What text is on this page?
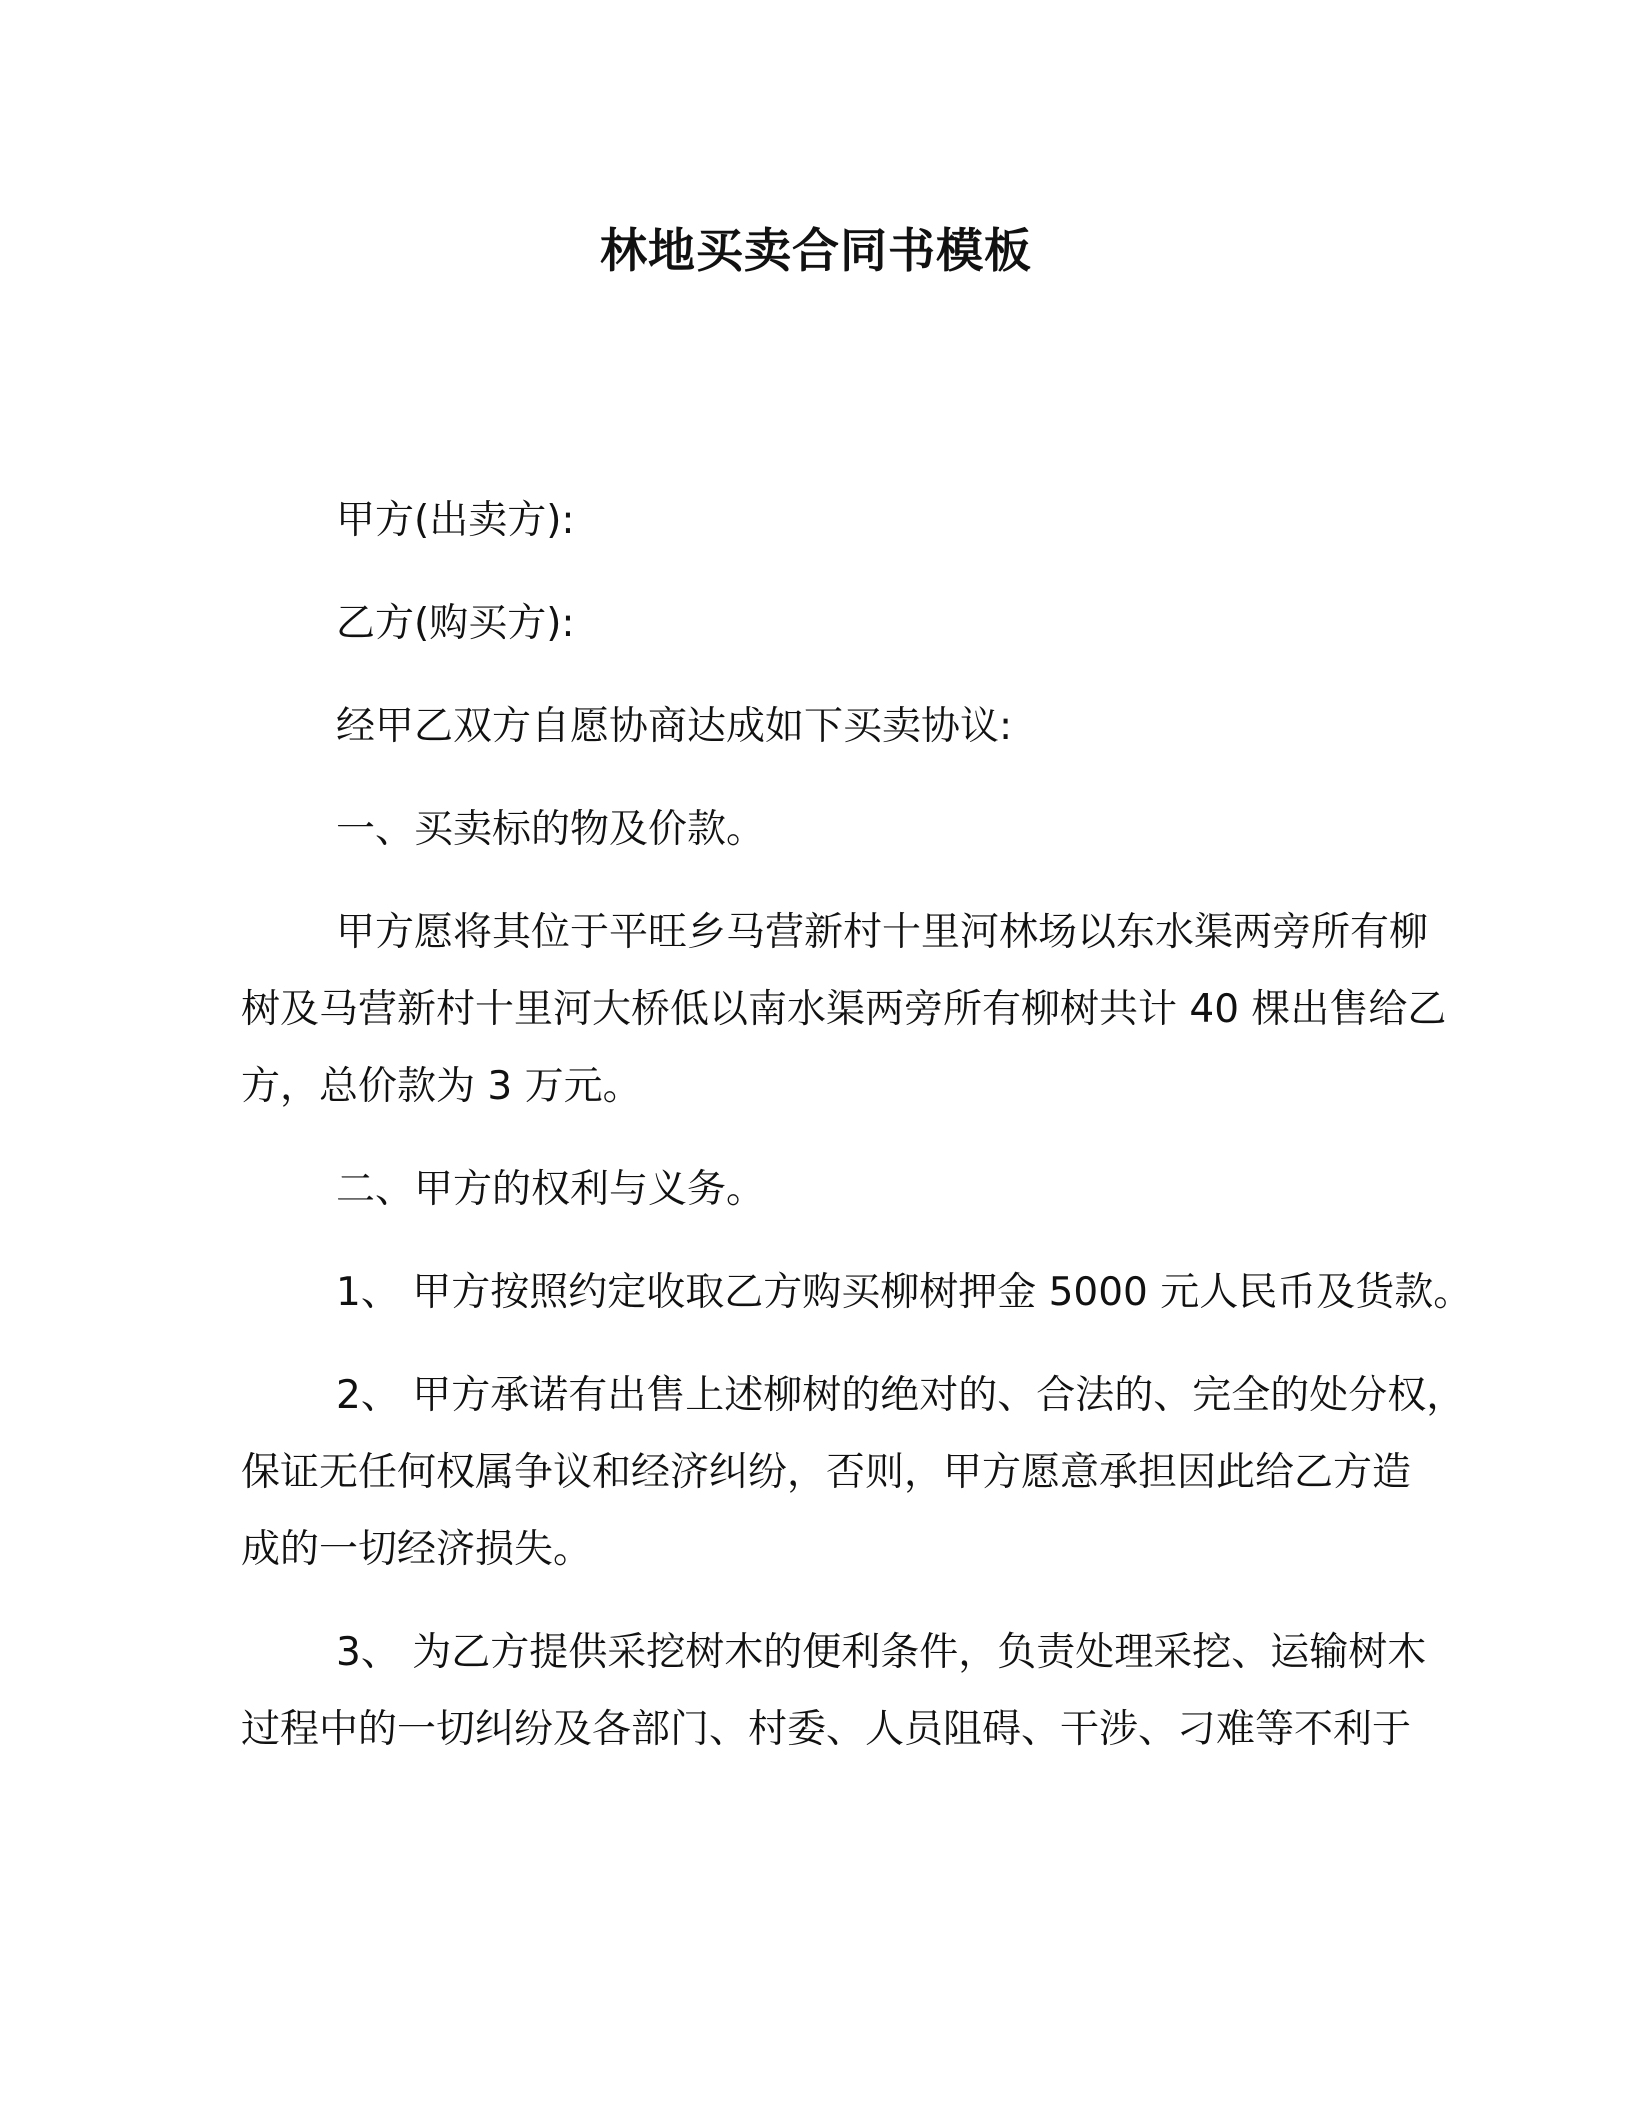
林地买卖合同书模板

甲方(出卖方):

乙方(购买方):

经甲乙双方自愿协商达成如下买卖协议:

一、买卖标的物及价款。

甲方愿将其位于平旺乡马营新村十里河林场以东水渠两旁所有柳

树及马营新村十里河大桥低以南水渠两旁所有柳树共计 40 棵出售给乙

方，总价款为 3 万元。

二、甲方的权利与义务。

1、 甲方按照约定收取乙方购买柳树押金 5000 元人民币及货款。

2、 甲方承诺有出售上述柳树的绝对的、合法的、完全的处分权，

保证无任何权属争议和经济纠纷，否则，甲方愿意承担因此给乙方造

成的一切经济损失。

3、 为乙方提供采挖树木的便利条件，负责处理采挖、运输树木

过程中的一切纠纷及各部门、村委、人员阻碍、干涉、刁难等不利于
